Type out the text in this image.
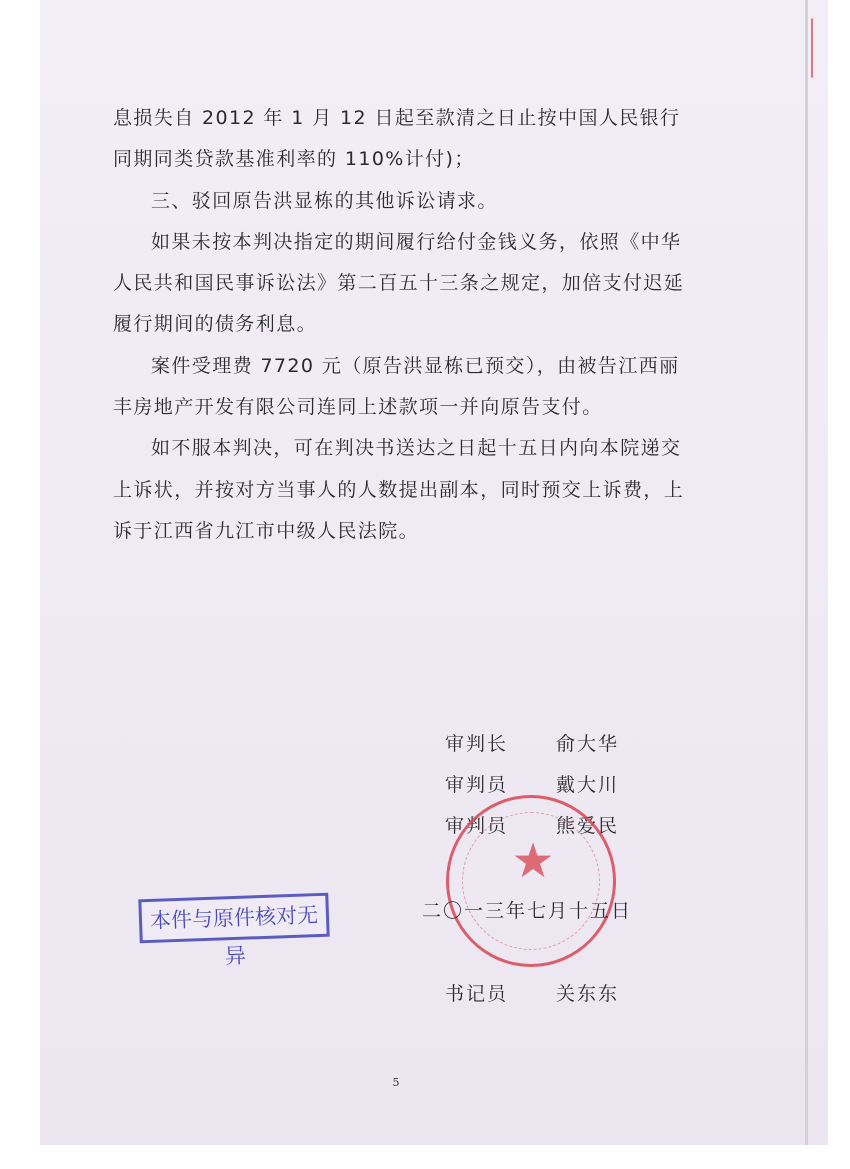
息损失自 2012 年 1 月 12 日起至款清之日止按中国人民银行同期同类贷款基准利率的 110%计付)；

三、驳回原告洪显栋的其他诉讼请求。

如果未按本判决指定的期间履行给付金钱义务，依照《中华人民共和国民事诉讼法》第二百五十三条之规定，加倍支付迟延履行期间的债务利息。

案件受理费 7720 元（原告洪显栋已预交），由被告江西丽丰房地产开发有限公司连同上述款项一并向原告支付。

如不服本判决，可在判决书送达之日起十五日内向本院递交上诉状，并按对方当事人的人数提出副本，同时预交上诉费，上诉于江西省九江市中级人民法院。

审判长	俞大华
审判员	戴大川
审判员	熊爱民
★
二〇一三年七月十五日
本件与原件核对无异
书记员	关东东
5
